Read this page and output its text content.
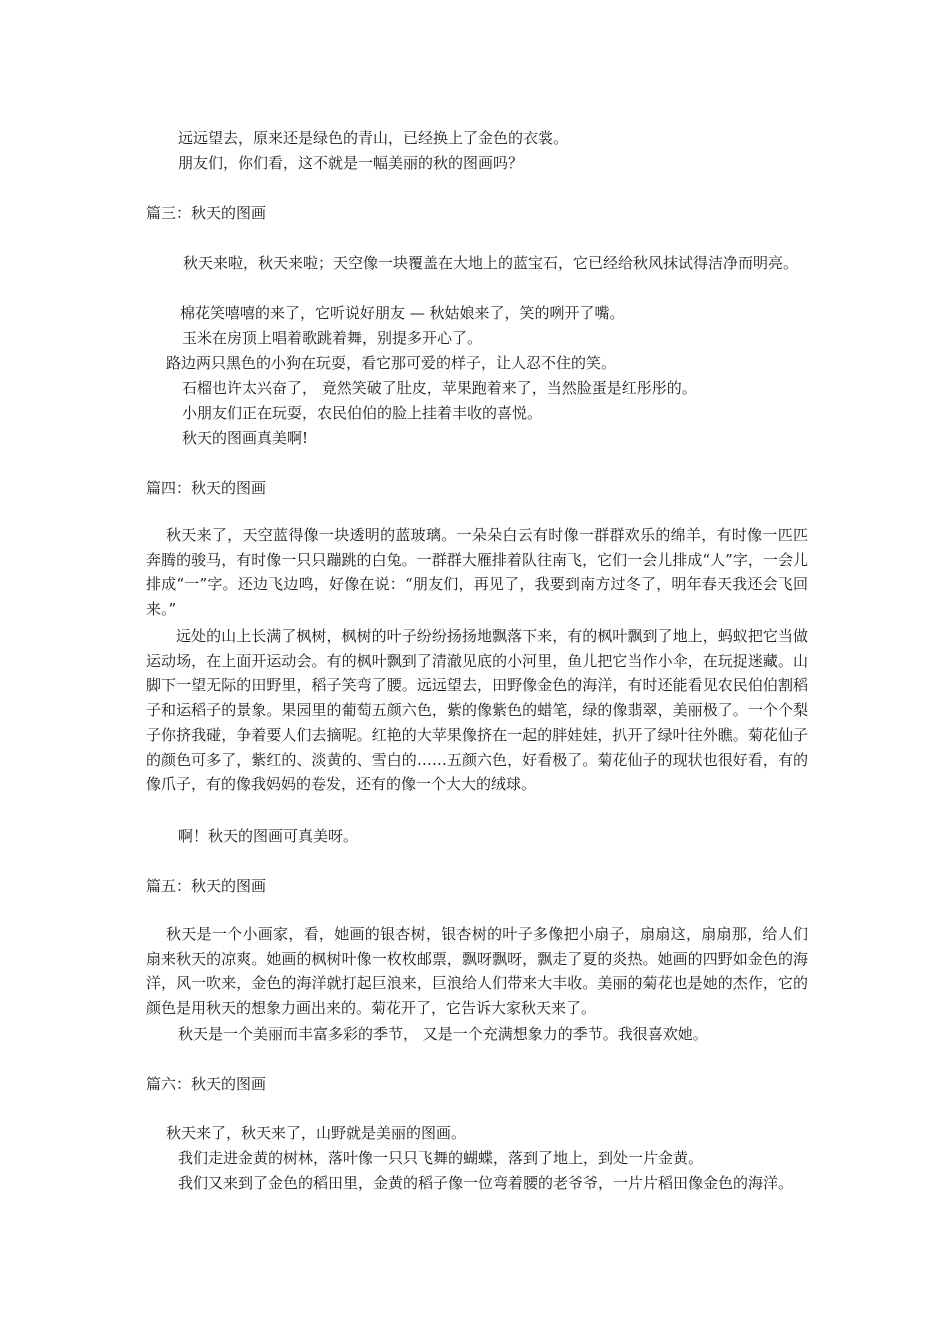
远远望去，原来还是绿色的青山，已经换上了金色的衣裳。
朋友们，你们看，这不就是一幅美丽的秋的图画吗？
篇三：秋天的图画
秋天来啦，秋天来啦；天空像一块覆盖在大地上的蓝宝石，它已经给秋风抹试得洁净而明亮。
棉花笑嘻嘻的来了，它听说好朋友 — 秋姑娘来了，笑的咧开了嘴。
玉米在房顶上唱着歌跳着舞，别提多开心了。
路边两只黑色的小狗在玩耍，看它那可爱的样子，让人忍不住的笑。
石榴也许太兴奋了， 竟然笑破了肚皮，苹果跑着来了，当然脸蛋是红彤彤的。
小朋友们正在玩耍，农民伯伯的脸上挂着丰收的喜悦。
秋天的图画真美啊!
篇四：秋天的图画
秋天来了，天空蓝得像一块透明的蓝玻璃。一朵朵白云有时像一群群欢乐的绵羊，有时像一匹匹奔腾的骏马，有时像一只只蹦跳的白兔。一群群大雁排着队往南飞，它们一会儿排成“人”字，一会儿排成“一”字。还边飞边鸣，好像在说：“朋友们，再见了，我要到南方过冬了，明年春天我还会飞回来。”
远处的山上长满了枫树，枫树的叶子纷纷扬扬地飘落下来，有的枫叶飘到了地上，蚂蚁把它当做运动场，在上面开运动会。有的枫叶飘到了清澈见底的小河里，鱼儿把它当作小伞，在玩捉迷藏。山脚下一望无际的田野里，稻子笑弯了腰。远远望去，田野像金色的海洋，有时还能看见农民伯伯割稻子和运稻子的景象。果园里的葡萄五颜六色，紫的像紫色的蜡笔，绿的像翡翠，美丽极了。一个个梨子你挤我碰，争着要人们去摘呢。红艳的大苹果像挤在一起的胖娃娃，扒开了绿叶往外瞧。菊花仙子的颜色可多了，紫红的、淡黄的、雪白的……五颜六色，好看极了。菊花仙子的现状也很好看，有的像爪子，有的像我妈妈的卷发，还有的像一个大大的绒球。
啊！秋天的图画可真美呀。
篇五：秋天的图画
秋天是一个小画家，看，她画的银杏树，银杏树的叶子多像把小扇子，扇扇这，扇扇那，给人们扇来秋天的凉爽。她画的枫树叶像一枚枚邮票，飘呀飘呀，飘走了夏的炎热。她画的四野如金色的海洋，风一吹来，金色的海洋就打起巨浪来，巨浪给人们带来大丰收。美丽的菊花也是她的杰作，它的颜色是用秋天的想象力画出来的。菊花开了，它告诉大家秋天来了。
秋天是一个美丽而丰富多彩的季节， 又是一个充满想象力的季节。我很喜欢她。
篇六：秋天的图画
秋天来了，秋天来了，山野就是美丽的图画。
我们走进金黄的树林，落叶像一只只飞舞的蝴蝶，落到了地上，到处一片金黄。
我们又来到了金色的稻田里，金黄的稻子像一位弯着腰的老爷爷，一片片稻田像金色的海洋。
